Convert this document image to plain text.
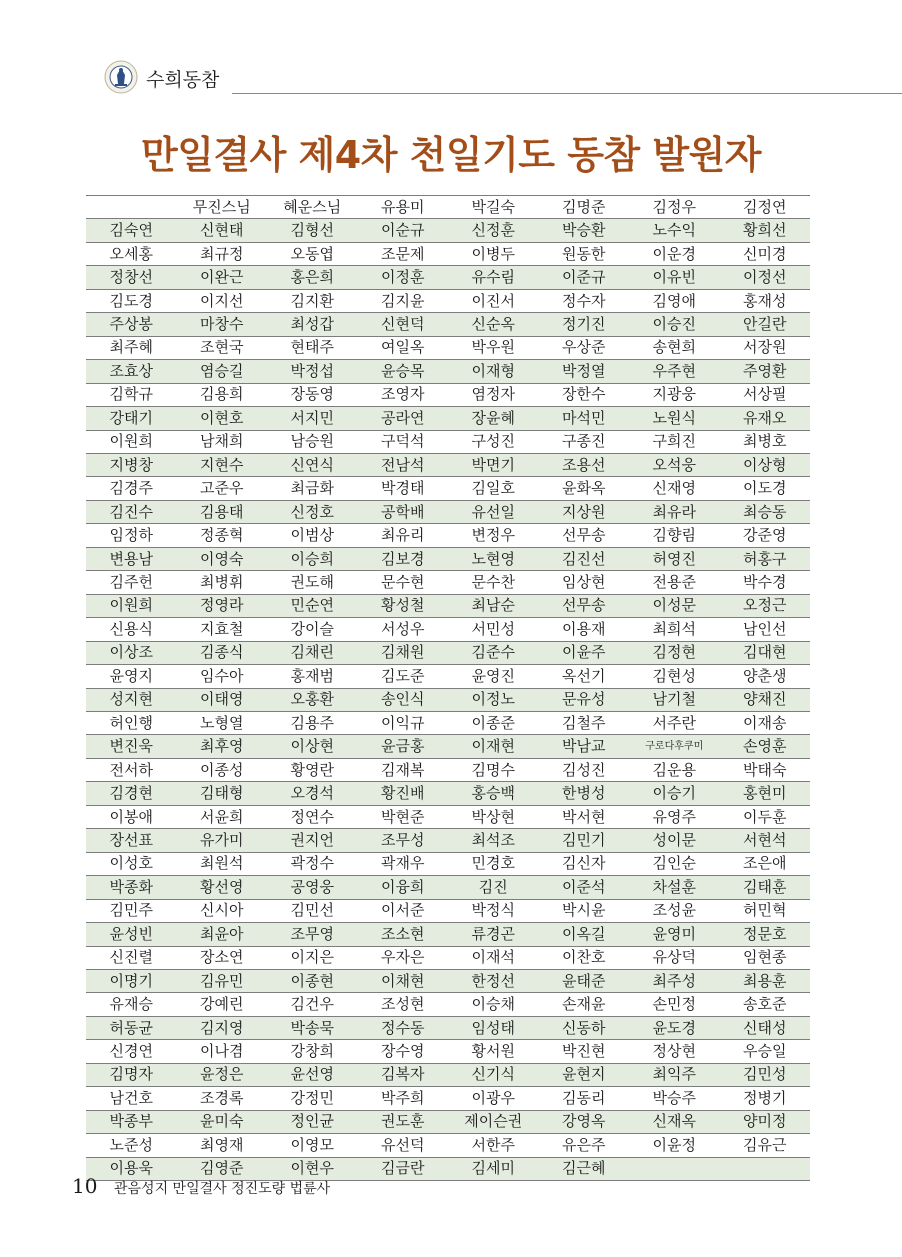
수희동참
만일결사 제4차 천일기도 동참 발원자
	무진스님	혜운스님	유용미	박길숙	김명준	김정우	김정연
김숙연	신현태	김형선	이순규	신정훈	박승환	노수익	황희선
오세홍	최규정	오동엽	조문제	이병두	원동한	이운경	신미경
정창선	이완근	홍은희	이정훈	유수림	이준규	이유빈	이정선
김도경	이지선	김지환	김지윤	이진서	정수자	김영애	홍재성
주상봉	마창수	최성갑	신현덕	신순옥	정기진	이승진	안길란
최주혜	조현국	현태주	여일옥	박우원	우상준	송현희	서장원
조효상	염승길	박정섭	윤승목	이재형	박정열	우주현	주영환
김학규	김용희	장동영	조영자	염정자	장한수	지광웅	서상필
강태기	이현호	서지민	공라연	장윤혜	마석민	노원식	유재오
이원희	남채희	남승원	구덕석	구성진	구종진	구희진	최병호
지병창	지현수	신연식	전남석	박면기	조용선	오석웅	이상형
김경주	고준우	최금화	박경태	김일호	윤화옥	신재영	이도경
김진수	김용태	신정호	공학배	유선일	지상원	최유라	최승동
임정하	정종혁	이범상	최유리	변정우	선무송	김향림	강준영
변용남	이영숙	이승희	김보경	노현영	김진선	허영진	허홍구
김주헌	최병휘	권도해	문수현	문수찬	임상현	전용준	박수경
이원희	정영라	민순연	황성철	최남순	선무송	이성문	오정근
신용식	지효철	강이슬	서성우	서민성	이용재	최희석	남인선
이상조	김종식	김채린	김채원	김준수	이윤주	김정현	김대현
윤영지	임수아	홍재범	김도준	윤영진	옥선기	김현성	양춘생
성지현	이태영	오홍환	송인식	이정노	문유성	남기철	양채진
허인행	노형열	김용주	이익규	이종준	김철주	서주란	이재송
변진욱	최후영	이상현	윤금홍	이재현	박남교	구로다후쿠미	손영훈
전서하	이종성	황영란	김재복	김명수	김성진	김운용	박태숙
김경현	김태형	오경석	황진배	홍승백	한병성	이승기	홍현미
이봉애	서윤희	정연수	박현준	박상현	박서현	유영주	이두훈
장선표	유가미	권지언	조무성	최석조	김민기	성이문	서현석
이성호	최원석	곽정수	곽재우	민경호	김신자	김인순	조은애
박종화	황선영	공영웅	이융희	김진	이준석	차설훈	김태훈
김민주	신시아	김민선	이서준	박정식	박시윤	조성윤	허민혁
윤성빈	최윤아	조무영	조소현	류경곤	이옥길	윤영미	정문호
신진렬	장소연	이지은	우자은	이재석	이찬호	유상덕	임현종
이명기	김유민	이종현	이채현	한정선	윤태준	최주성	최용훈
유재승	강예린	김건우	조성현	이승채	손재윤	손민정	송호준
허동균	김지영	박송묵	정수동	임성태	신동하	윤도경	신태성
신경연	이나겸	강창희	장수영	황서원	박진현	정상현	우승일
김명자	윤정은	윤선영	김복자	신기식	윤현지	최익주	김민성
남건호	조경록	강정민	박주희	이광우	김동리	박승주	정병기
박종부	윤미숙	정인균	권도훈	제이슨권	강영옥	신재옥	양미정
노준성	최영재	이영모	유선덕	서한주	유은주	이윤정	김유근
이용욱	김영준	이현우	김금란	김세미	김근혜		
10 관음성지 만일결사 정진도량 법륜사
